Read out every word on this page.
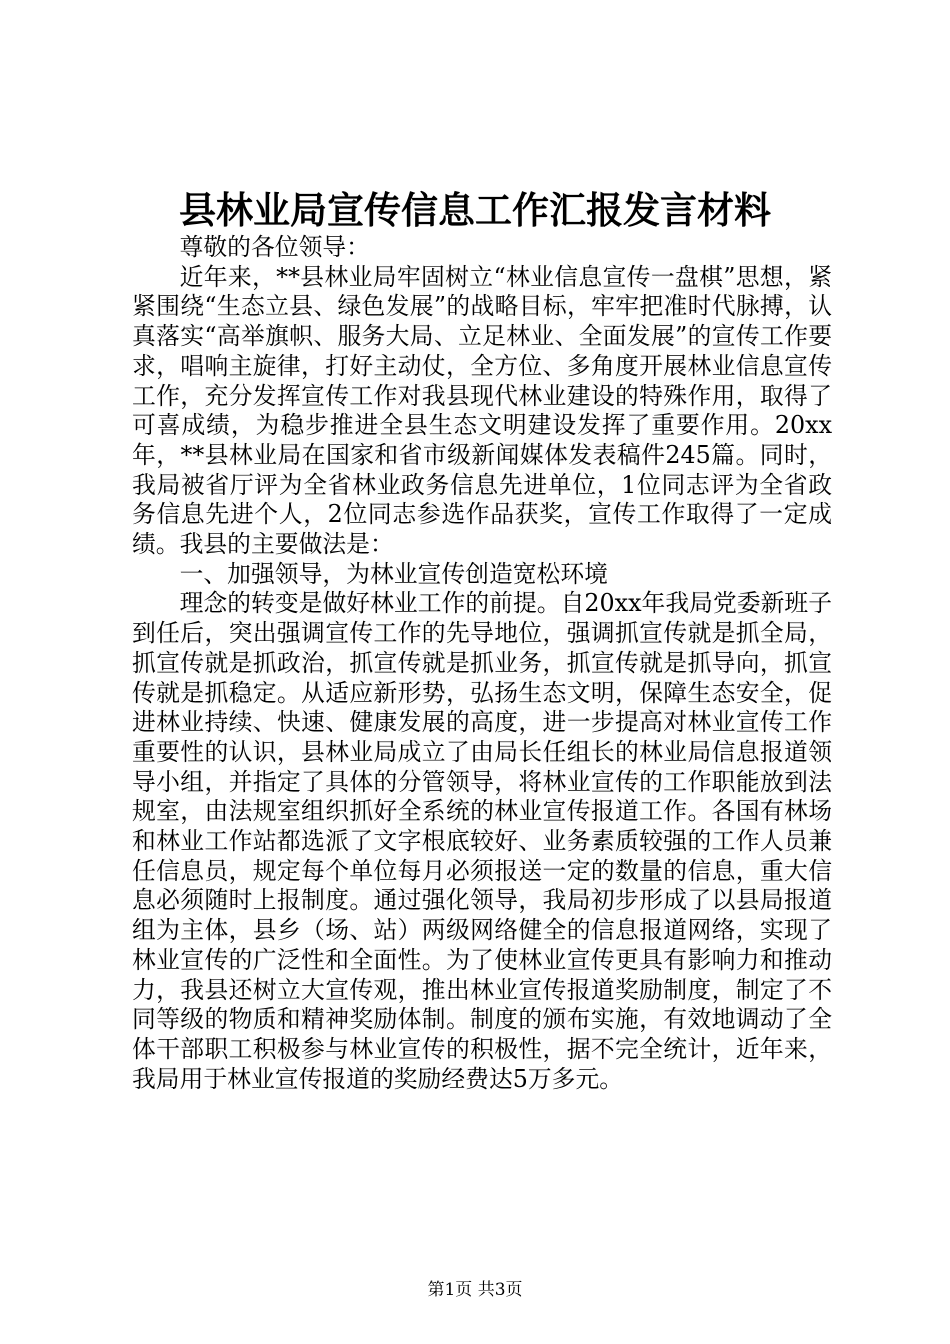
县林业局宣传信息工作汇报发言材料

尊敬的各位领导：

近年来，**县林业局牢固树立“林业信息宣传一盘棋”思想，紧紧围绕“生态立县、绿色发展”的战略目标，牢牢把准时代脉搏，认真落实“高举旗帜、服务大局、立足林业、全面发展”的宣传工作要求，唱响主旋律，打好主动仗，全方位、多角度开展林业信息宣传工作，充分发挥宣传工作对我县现代林业建设的特殊作用，取得了可喜成绩，为稳步推进全县生态文明建设发挥了重要作用。20xx年，**县林业局在国家和省市级新闻媒体发表稿件245篇。同时，我局被省厅评为全省林业政务信息先进单位，1位同志评为全省政务信息先进个人，2位同志参选作品获奖，宣传工作取得了一定成绩。我县的主要做法是：

一、加强领导，为林业宣传创造宽松环境

理念的转变是做好林业工作的前提。自20xx年我局党委新班子到任后，突出强调宣传工作的先导地位，强调抓宣传就是抓全局，抓宣传就是抓政治，抓宣传就是抓业务，抓宣传就是抓导向，抓宣传就是抓稳定。从适应新形势，弘扬生态文明，保障生态安全，促进林业持续、快速、健康发展的高度，进一步提高对林业宣传工作重要性的认识，县林业局成立了由局长任组长的林业局信息报道领导小组，并指定了具体的分管领导，将林业宣传的工作职能放到法规室，由法规室组织抓好全系统的林业宣传报道工作。各国有林场和林业工作站都选派了文字根底较好、业务素质较强的工作人员兼任信息员，规定每个单位每月必须报送一定的数量的信息，重大信息必须随时上报制度。通过强化领导，我局初步形成了以县局报道组为主体，县乡（场、站）两级网络健全的信息报道网络，实现了林业宣传的广泛性和全面性。为了使林业宣传更具有影响力和推动力，我县还树立大宣传观，推出林业宣传报道奖励制度，制定了不同等级的物质和精神奖励体制。制度的颁布实施，有效地调动了全体干部职工积极参与林业宣传的积极性，据不完全统计，近年来，我局用于林业宣传报道的奖励经费达5万多元。

第1页 共3页
